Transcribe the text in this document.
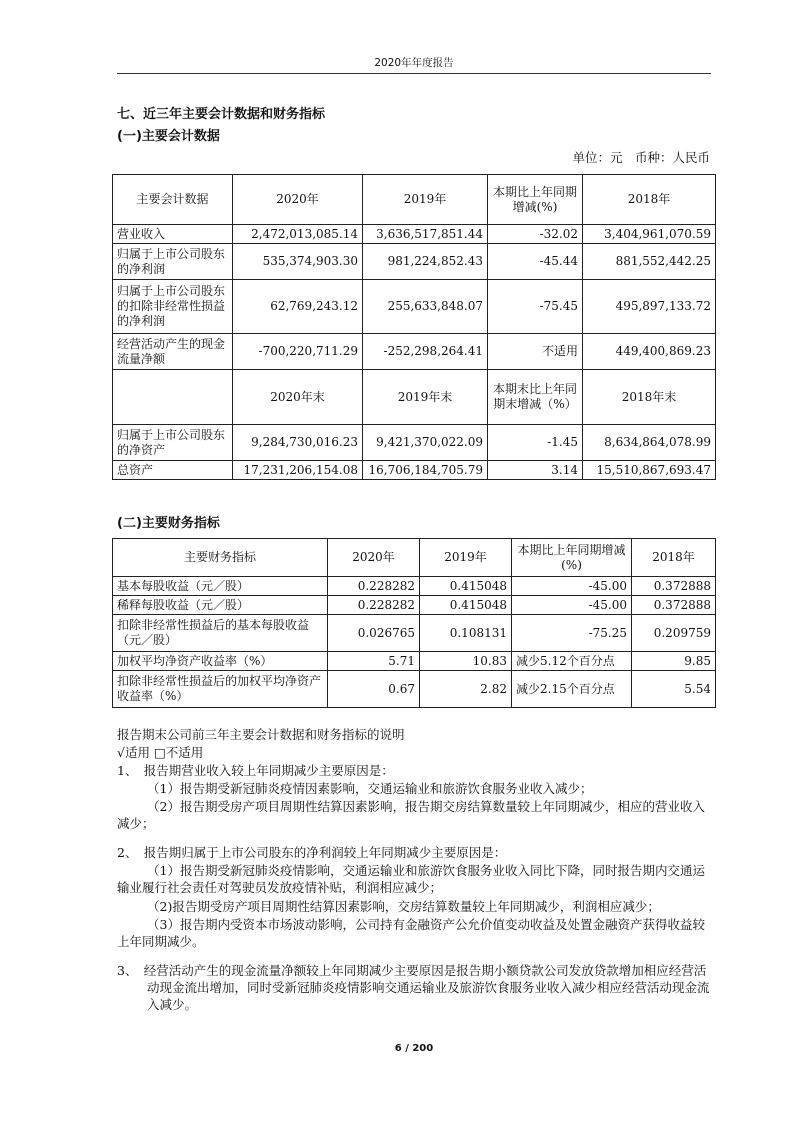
2020年年度报告
七、近三年主要会计数据和财务指标
(一)主要会计数据
单位：元　币种：人民币
主要会计数据	2020年	2019年	本期比上年同期增减(%)	2018年
营业收入	2,472,013,085.14	3,636,517,851.44	-32.02	3,404,961,070.59
归属于上市公司股东的净利润	535,374,903.30	981,224,852.43	-45.44	881,552,442.25
归属于上市公司股东的扣除非经常性损益的净利润	62,769,243.12	255,633,848.07	-75.45	495,897,133.72
经营活动产生的现金流量净额	-700,220,711.29	-252,298,264.41	不适用	449,400,869.23
	2020年末	2019年末	本期末比上年同期末增减（%）	2018年末
归属于上市公司股东的净资产	9,284,730,016.23	9,421,370,022.09	-1.45	8,634,864,078.99
总资产	17,231,206,154.08	16,706,184,705.79	3.14	15,510,867,693.47
(二)主要财务指标
主要财务指标	2020年	2019年	本期比上年同期增减(%)	2018年
基本每股收益（元／股）	0.228282	0.415048	-45.00	0.372888
稀释每股收益（元／股）	0.228282	0.415048	-45.00	0.372888
扣除非经常性损益后的基本每股收益（元／股）	0.026765	0.108131	-75.25	0.209759
加权平均净资产收益率（%）	5.71	10.83	减少5.12个百分点	9.85
扣除非经常性损益后的加权平均净资产收益率（%）	0.67	2.82	减少2.15个百分点	5.54
报告期末公司前三年主要会计数据和财务指标的说明
√适用 □不适用
1、　报告期营业收入较上年同期减少主要原因是：
（1）报告期受新冠肺炎疫情因素影响，交通运输业和旅游饮食服务业收入减少；
（2）报告期受房产项目周期性结算因素影响，报告期交房结算数量较上年同期减少，相应的营业收入减少；
2、　报告期归属于上市公司股东的净利润较上年同期减少主要原因是：
（1）报告期受新冠肺炎疫情影响，交通运输业和旅游饮食服务业收入同比下降，同时报告期内交通运输业履行社会责任对驾驶员发放疫情补贴，利润相应减少；
（2)报告期受房产项目周期性结算因素影响，交房结算数量较上年同期减少，利润相应减少；
（3）报告期内受资本市场波动影响，公司持有金融资产公允价值变动收益及处置金融资产获得收益较上年同期减少。
3、　经营活动产生的现金流量净额较上年同期减少主要原因是报告期小额贷款公司发放贷款增加相应经营活动现金流出增加，同时受新冠肺炎疫情影响交通运输业及旅游饮食服务业收入减少相应经营活动现金流入减少。
6 / 200
